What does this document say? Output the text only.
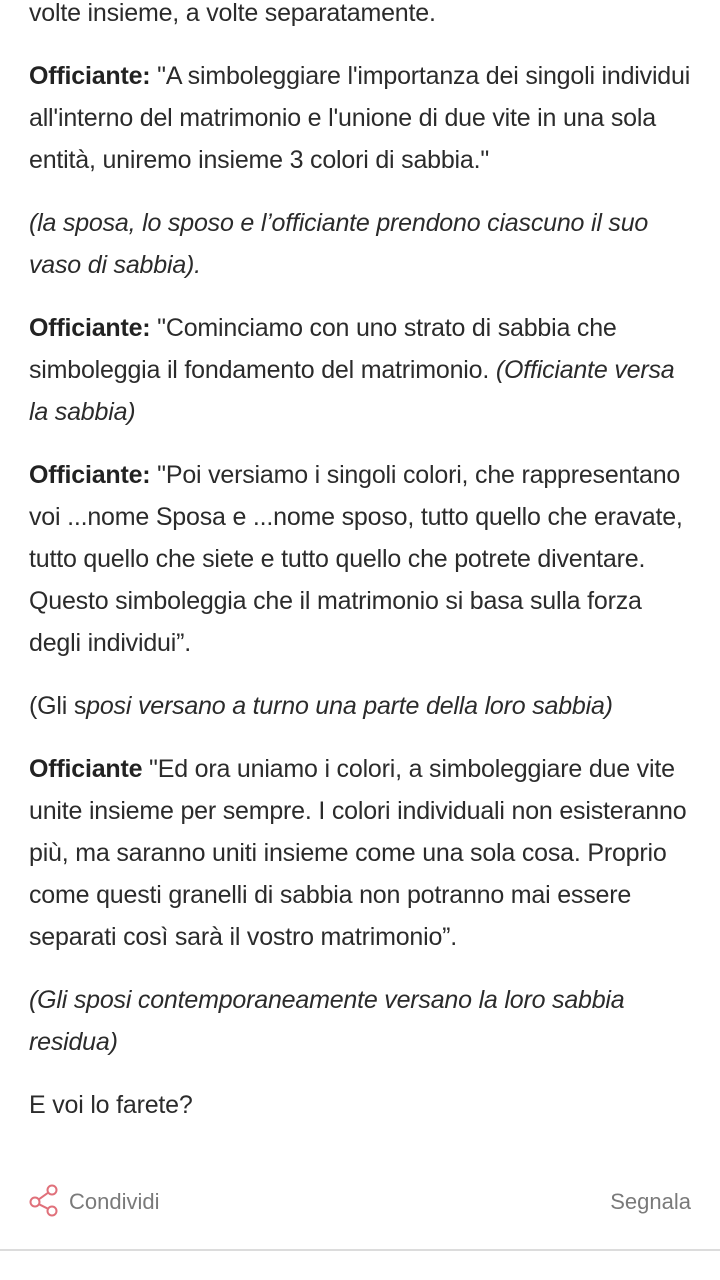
volte insieme, a volte separatamente.

Officiante: "A simboleggiare l'importanza dei singoli individui all'interno del matrimonio e l'unione di due vite in una sola entità, uniremo insieme 3 colori di sabbia."

(la sposa, lo sposo e l’officiante prendono ciascuno il suo vaso di sabbia).

Officiante: "Cominciamo con uno strato di sabbia che simboleggia il fondamento del matrimonio. (Officiante versa la sabbia)

Officiante: "Poi versiamo i singoli colori, che rappresentano voi ...nome Sposa e ...nome sposo, tutto quello che eravate, tutto quello che siete e tutto quello che potrete diventare. Questo simboleggia che il matrimonio si basa sulla forza degli individui”.

(Gli sposi versano a turno una parte della loro sabbia)

Officiante "Ed ora uniamo i colori, a simboleggiare due vite unite insieme per sempre. I colori individuali non esisteranno più, ma saranno uniti insieme come una sola cosa. Proprio come questi granelli di sabbia non potranno mai essere separati così sarà il vostro matrimonio”.

(Gli sposi contemporaneamente versano la loro sabbia residua)

E voi lo farete?

Condividi	Segnala
